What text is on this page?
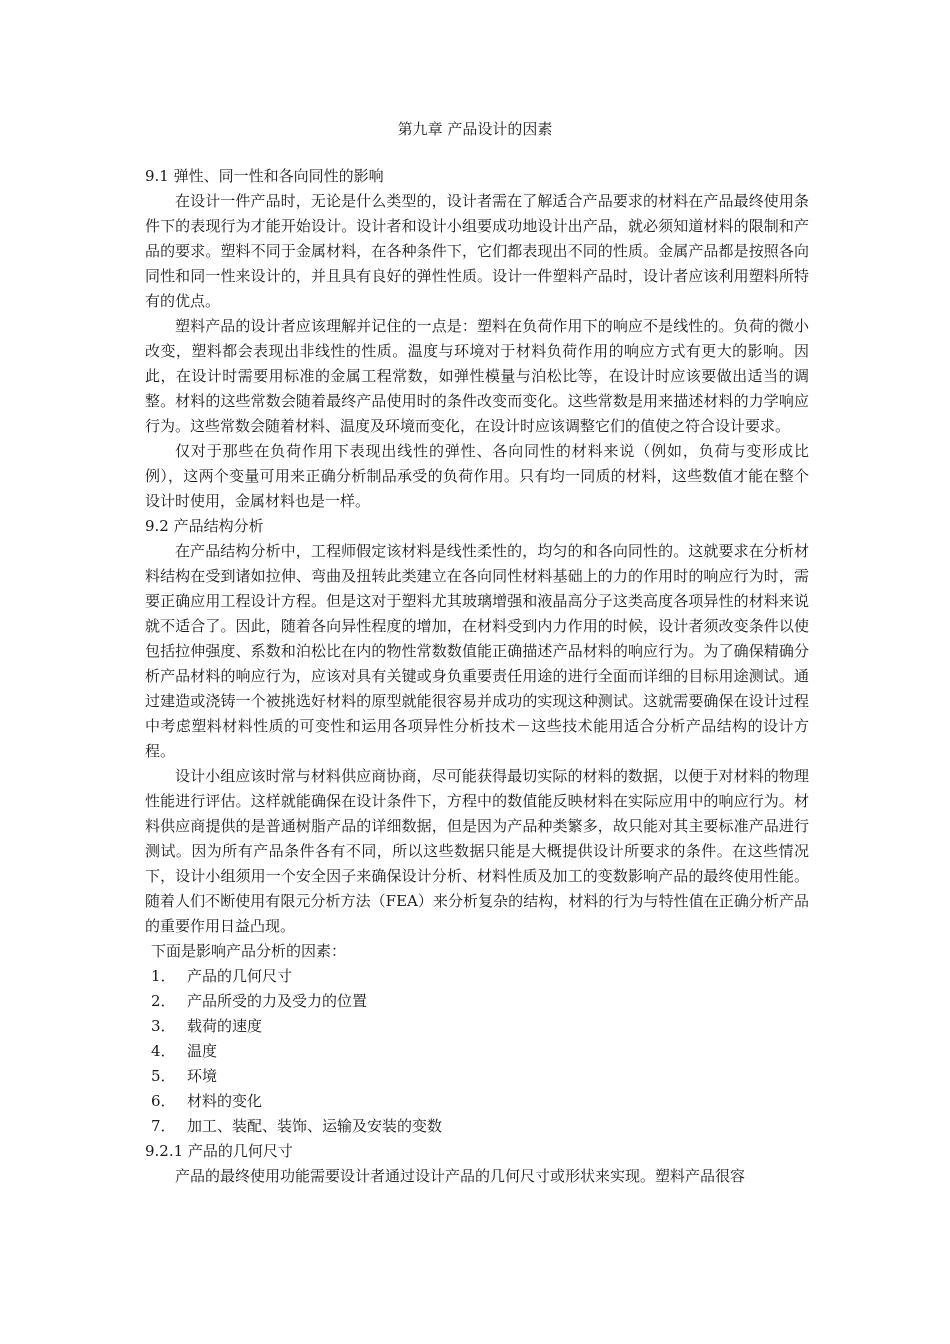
第九章 产品设计的因素
9.1 弹性、同一性和各向同性的影响

在设计一件产品时，无论是什么类型的，设计者需在了解适合产品要求的材料在产品最终使用条件下的表现行为才能开始设计。设计者和设计小组要成功地设计出产品，就必须知道材料的限制和产品的要求。塑料不同于金属材料，在各种条件下，它们都表现出不同的性质。金属产品都是按照各向同性和同一性来设计的，并且具有良好的弹性性质。设计一件塑料产品时，设计者应该利用塑料所特有的优点。

塑料产品的设计者应该理解并记住的一点是：塑料在负荷作用下的响应不是线性的。负荷的微小改变，塑料都会表现出非线性的性质。温度与环境对于材料负荷作用的响应方式有更大的影响。因此，在设计时需要用标准的金属工程常数，如弹性模量与泊松比等，在设计时应该要做出适当的调整。材料的这些常数会随着最终产品使用时的条件改变而变化。这些常数是用来描述材料的力学响应行为。这些常数会随着材料、温度及环境而变化，在设计时应该调整它们的值使之符合设计要求。

仅对于那些在负荷作用下表现出线性的弹性、各向同性的材料来说（例如，负荷与变形成比例），这两个变量可用来正确分析制品承受的负荷作用。只有均一同质的材料，这些数值才能在整个设计时使用，金属材料也是一样。

9.2 产品结构分析

在产品结构分析中，工程师假定该材料是线性柔性的，均匀的和各向同性的。这就要求在分析材料结构在受到诸如拉伸、弯曲及扭转此类建立在各向同性材料基础上的力的作用时的响应行为时，需要正确应用工程设计方程。但是这对于塑料尤其玻璃增强和液晶高分子这类高度各项异性的材料来说就不适合了。因此，随着各向异性程度的增加，在材料受到内力作用的时候，设计者须改变条件以使包括拉伸强度、系数和泊松比在内的物性常数数值能正确描述产品材料的响应行为。为了确保精确分析产品材料的响应行为，应该对具有关键或身负重要责任用途的进行全面而详细的目标用途测试。通过建造或浇铸一个被挑选好材料的原型就能很容易并成功的实现这种测试。这就需要确保在设计过程中考虑塑料材料性质的可变性和运用各项异性分析技术－这些技术能用适合分析产品结构的设计方程。

设计小组应该时常与材料供应商协商，尽可能获得最切实际的材料的数据，以便于对材料的物理性能进行评估。这样就能确保在设计条件下，方程中的数值能反映材料在实际应用中的响应行为。材料供应商提供的是普通树脂产品的详细数据，但是因为产品种类繁多，故只能对其主要标准产品进行测试。因为所有产品条件各有不同，所以这些数据只能是大概提供设计所要求的条件。在这些情况下，设计小组须用一个安全因子来确保设计分析、材料性质及加工的变数影响产品的最终使用性能。随着人们不断使用有限元分析方法（FEA）来分析复杂的结构，材料的行为与特性值在正确分析产品的重要作用日益凸现。

下面是影响产品分析的因素：
1． 产品的几何尺寸
2． 产品所受的力及受力的位置
3． 载荷的速度
4． 温度
5． 环境
6． 材料的变化
7． 加工、装配、装饰、运输及安装的变数
9.2.1 产品的几何尺寸

产品的最终使用功能需要设计者通过设计产品的几何尺寸或形状来实现。塑料产品很容
